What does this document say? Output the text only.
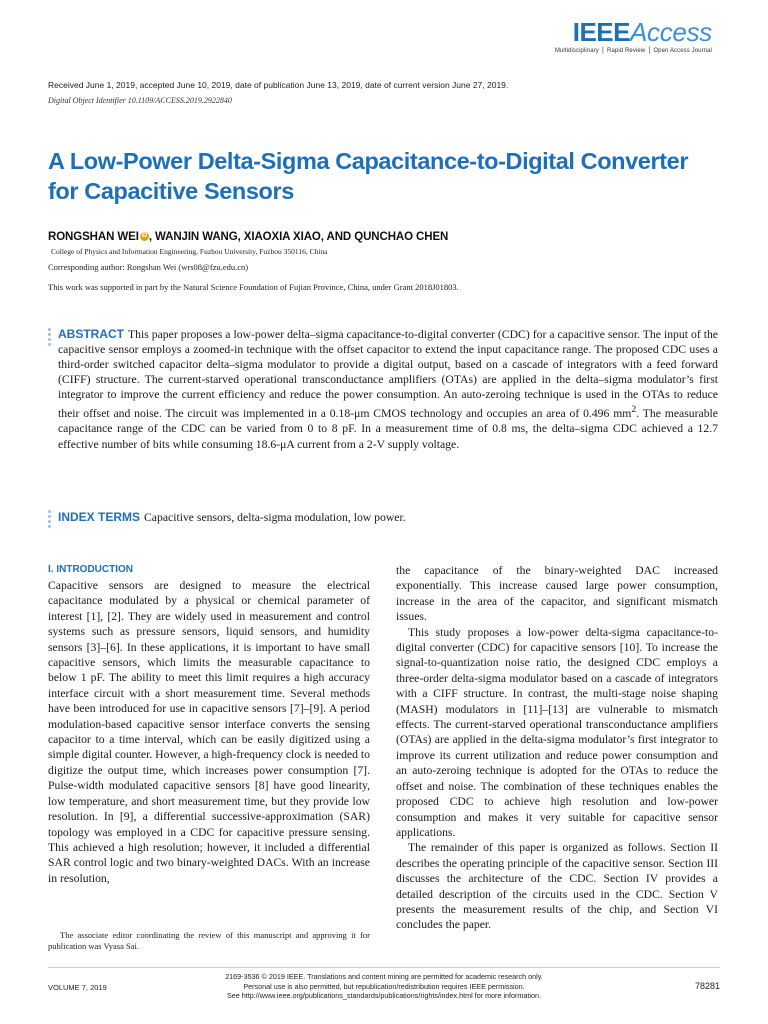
IEEEAccess
Multidisciplinary ⎪ Rapid Review ⎪ Open Access Journal
Received June 1, 2019, accepted June 10, 2019, date of publication June 13, 2019, date of current version June 27, 2019.
Digital Object Identifier 10.1109/ACCESS.2019.2922840
A Low-Power Delta-Sigma Capacitance-to-Digital Converter for Capacitive Sensors
RONGSHAN WEI iD , WANJIN WANG, XIAOXIA XIAO, AND QUNCHAO CHEN
College of Physics and Information Engineering, Fuzhou University, Fuzhou 350116, China
Corresponding author: Rongshan Wei (wrs08@fzu.edu.cn)
This work was supported in part by the Natural Science Foundation of Fujian Province, China, under Grant 2018J01803.

ABSTRACT This paper proposes a low-power delta–sigma capacitance-to-digital converter (CDC) for a capacitive sensor. The input of the capacitive sensor employs a zoomed-in technique with the offset capacitor to extend the input capacitance range. The proposed CDC uses a third-order switched capacitor delta–sigma modulator to provide a digital output, based on a cascade of integrators with a feed forward (CIFF) structure. The current-starved operational transconductance amplifiers (OTAs) are applied in the delta–sigma modulator’s first integrator to improve the current efficiency and reduce the power consumption. An auto-zeroing technique is used in the OTAs to reduce their offset and noise. The circuit was implemented in a 0.18-μm CMOS technology and occupies an area of 0.496 $mm^2$. The measurable capacitance range of the CDC can be varied from 0 to 8 pF. In a measurement time of 0.8 ms, the delta–sigma CDC achieved a 12.7 effective number of bits while consuming 18.6-μA current from a 2-V supply voltage.

INDEX TERMS Capacitive sensors, delta-sigma modulation, low power.

I. INTRODUCTION

Capacitive sensors are designed to measure the electrical capacitance modulated by a physical or chemical parameter of interest [1], [2]. They are widely used in measurement and control systems such as pressure sensors, liquid sensors, and humidity sensors [3]–[6]. In these applications, it is important to have small capacitive sensors, which limits the measurable capacitance to below 1 pF. The ability to meet this limit requires a high accuracy interface circuit with a short measurement time. Several methods have been introduced for use in capacitive sensors [7]–[9]. A period modulation-based capacitive sensor interface converts the sensing capacitor to a time interval, which can be easily digitized using a simple digital counter. However, a high-frequency clock is needed to digitize the output time, which increases power consumption [7]. Pulse-width modulated capacitive sensors [8] have good linearity, low temperature, and short measurement time, but they provide low resolution. In [9], a differential successive-approximation (SAR) topology was employed in a CDC for capacitive pressure sensing. This achieved a high resolution; however, it included a differential SAR control logic and two binary-weighted DACs. With an increase in resolution,

the capacitance of the binary-weighted DAC increased exponentially. This increase caused large power consumption, increase in the area of the capacitor, and significant mismatch issues.

This study proposes a low-power delta-sigma capacitance-to-digital converter (CDC) for capacitive sensors [10]. To increase the signal-to-quantization noise ratio, the designed CDC employs a three-order delta-sigma modulator based on a cascade of integrators with a CIFF structure. In contrast, the multi-stage noise shaping (MASH) modulators in [11]–[13] are vulnerable to mismatch effects. The current-starved operational transconductance amplifiers (OTAs) are applied in the delta-sigma modulator’s first integrator to improve its current utilization and reduce power consumption and an auto-zeroing technique is adopted for the OTAs to reduce the offset and noise. The combination of these techniques enables the proposed CDC to achieve high resolution and low-power consumption and makes it very suitable for capacitive sensor applications.

The remainder of this paper is organized as follows. Section II describes the operating principle of the capacitive sensor. Section III discusses the architecture of the CDC. Section IV provides a detailed description of the circuits used in the CDC. Section V presents the measurement results of the chip, and Section VI concludes the paper.

The associate editor coordinating the review of this manuscript and approving it for publication was Vyasa Sai.

VOLUME 7, 2019
2169-3536 © 2019 IEEE. Translations and content mining are permitted for academic research only.
Personal use is also permitted, but republication/redistribution requires IEEE permission.
See http://www.ieee.org/publications_standards/publications/rights/index.html for more information.
78281
